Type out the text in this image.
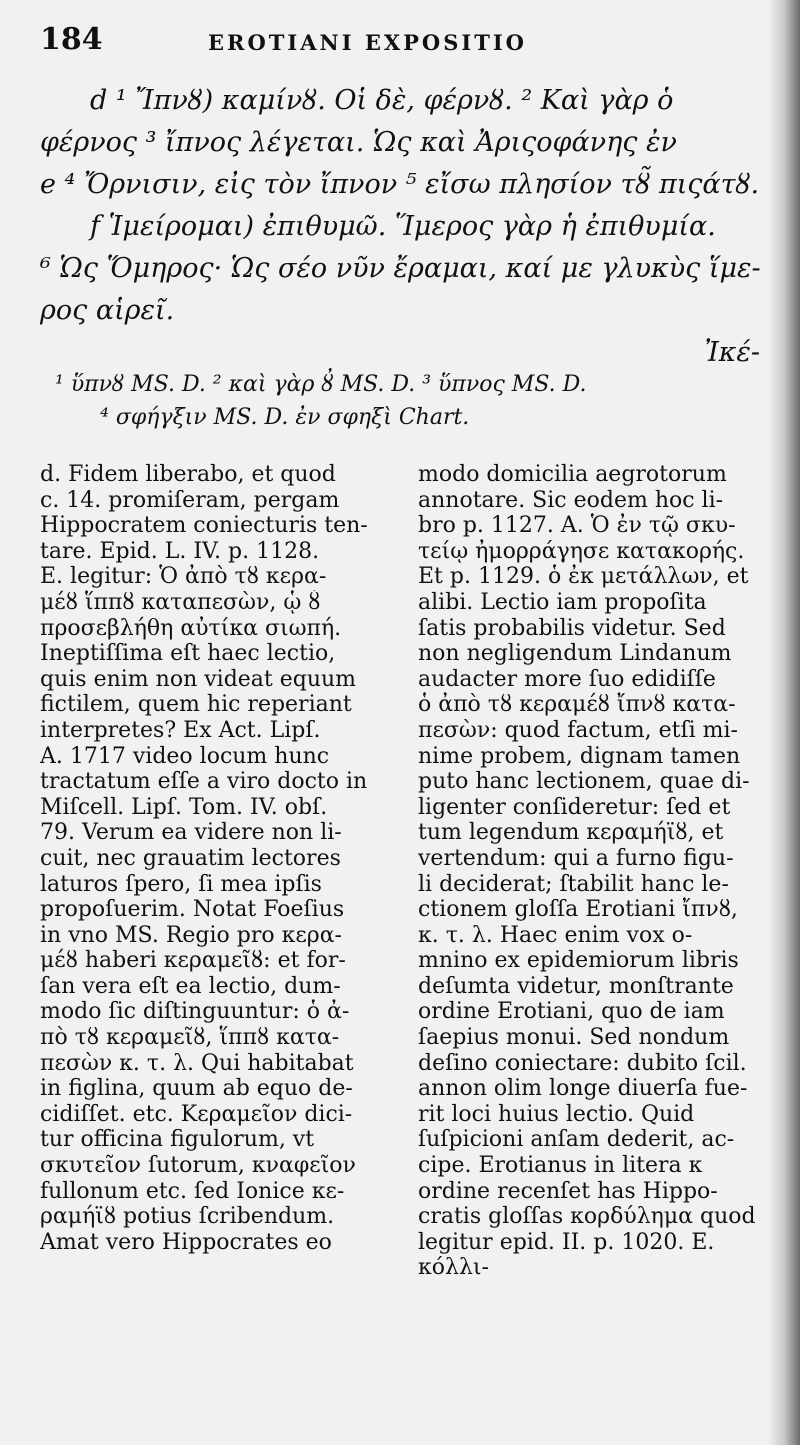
184	EROTIANI EXPOSITIO
d ¹ Ἴπνȣ) καμίνȣ. Οἱ δὲ, φέρνȣ. ² Καὶ γὰρ ὁ
φέρνος ³ ἴπνος λέγεται. Ὡς καὶ Ἀριςοφάνης ἐν
e ⁴ Ὄρνισιν, εἰς τὸν ἴπνον ⁵ εἴσω πλησίον τȣ̃ πιςάτȣ.
f Ἱμείρομαι) ἐπιθυμῶ. Ἵμερος γὰρ ἡ ἐπιθυμία.
⁶ Ὡς Ὅμηρος· Ὡς σέο νῦν ἔραμαι, καί με γλυκὺς ἵμε-
ρος αἱρεῖ.
Ἰκέ-
¹ ὕπνȣ MS. D. ² καὶ γὰρ ȣ̓ MS. D. ³ ὕπνος MS. D.
⁴ σφήγξιν MS. D. ἐν σφηξὶ Chart.
d. Fidem liberabo, et quod
c. 14. promiſeram, pergam
Hippocratem coniecturis ten-
tare. Epid. L. IV. p. 1128.
E. legitur: Ὁ ἀπὸ τȣ̃ κερα-
μέȣ ἵππȣ καταπεσὼν, ᾧ ȣ̓
προσεβλήθη αὐτίκα σιωπή.
Ineptiſſima eſt haec lectio,
quis enim non videat equum
fictilem, quem hic reperiant
interpretes? Ex Act. Lipſ.
A. 1717 video locum hunc
tractatum eſſe a viro docto in
Miſcell. Lipſ. Tom. IV. obſ.
79. Verum ea videre non li-
cuit, nec grauatim lectores
laturos ſpero, ſi mea ipſis
propoſuerim. Notat Foeſius
in vno MS. Regio pro κερα-
μέȣ haberi κεραμεῖȣ: et for-
ſan vera eſt ea lectio, dum-
modo ſic diſtinguuntur: ὁ ἀ-
πὸ τȣ̃ κεραμεῖȣ, ἵππȣ κατα-
πεσὼν κ. τ. λ. Qui habitabat
in figlina, quum ab equo de-
cidiſſet. etc. Κεραμεῖον dici-
tur officina figulorum, vt
σκυτεῖον ſutorum, κναφεῖον
fullonum etc. ſed Ionice κε-
ραμήϊȣ potius ſcribendum.
Amat vero Hippocrates eo
modo domicilia aegrotorum
annotare. Sic eodem hoc li-
bro p. 1127. A. Ὁ ἐν τῷ σκυ-
τείῳ ἠμορράγησε κατακορής.
Et p. 1129. ὁ ἐκ μετάλλων, et
alibi. Lectio iam propoſita
ſatis probabilis videtur. Sed
non negligendum Lindanum
audacter more ſuo edidiſſe
ὁ ἀπὸ τȣ̃ κεραμέȣ ἴπνȣ κατα-
πεσὼν: quod factum, etſi mi-
nime probem, dignam tamen
puto hanc lectionem, quae di-
ligenter conſideretur: ſed et
tum legendum κεραμήϊȣ, et
vertendum: qui a furno figu-
li deciderat; ſtabilit hanc le-
ctionem gloſſa Erotiani ἴπνȣ,
κ. τ. λ. Haec enim vox o-
mnino ex epidemiorum libris
deſumta videtur, monſtrante
ordine Erotiani, quo de iam
ſaepius monui. Sed nondum
deſino coniectare: dubito ſcil.
annon olim longe diuerſa fue-
rit loci huius lectio. Quid
ſuſpicioni anſam dederit, ac-
cipe. Erotianus in litera κ
ordine recenſet has Hippo-
cratis gloſſas κορδύλημα quod
legitur epid. II. p. 1020. E.
κόλλι-
